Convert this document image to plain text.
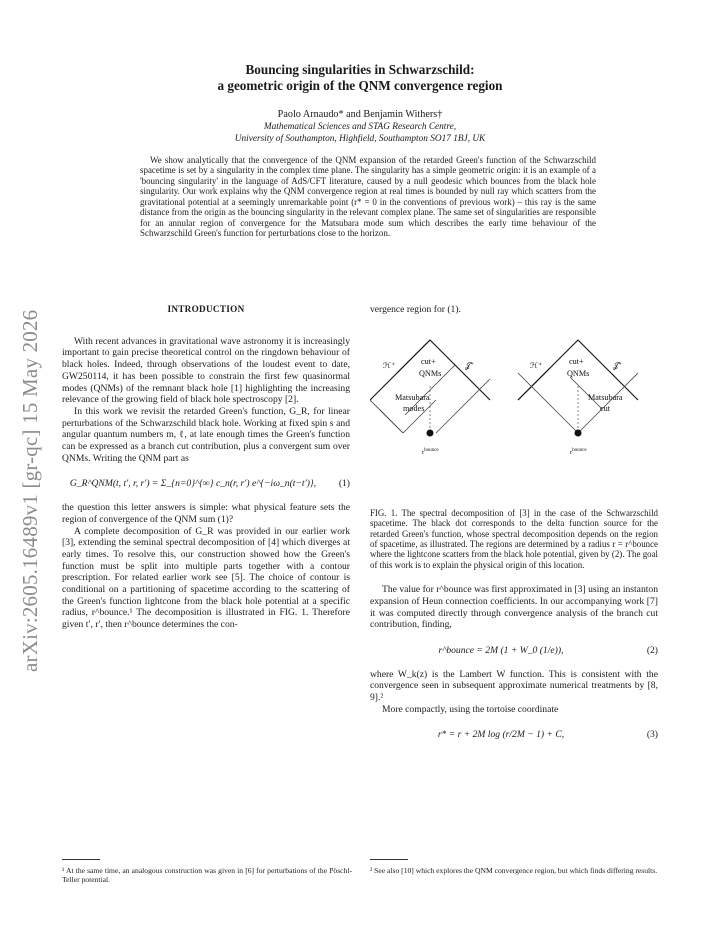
arXiv:2605.16489v1 [gr-qc] 15 May 2026
Bouncing singularities in Schwarzschild:
a geometric origin of the QNM convergence region
Paolo Arnaudo* and Benjamin Withers†
Mathematical Sciences and STAG Research Centre,
University of Southampton, Highfield, Southampton SO17 1BJ, UK

We show analytically that the convergence of the QNM expansion of the retarded Green's function of the Schwarzschild spacetime is set by a singularity in the complex time plane. The singularity has a simple geometric origin: it is an example of a 'bouncing singularity' in the language of AdS/CFT literature, caused by a null geodesic which bounces from the black hole singularity. Our work explains why the QNM convergence region at real times is bounded by null ray which scatters from the gravitational potential at a seemingly unremarkable point (r* = 0 in the conventions of previous work) – this ray is the same distance from the origin as the bouncing singularity in the relevant complex plane. The same set of singularities are responsible for an annular region of convergence for the Matsubara mode sum which describes the early time behaviour of the Schwarzschild Green's function for perturbations close to the horizon.

INTRODUCTION

With recent advances in gravitational wave astronomy it is increasingly important to gain precise theoretical control on the ringdown behaviour of black holes. Indeed, through observations of the loudest event to date, GW250114, it has been possible to constrain the first few quasinormal modes (QNMs) of the remnant black hole [1] highlighting the increasing relevance of the growing field of black hole spectroscopy [2].

In this work we revisit the retarded Green's function, G_R, for linear perturbations of the Schwarzschild black hole. Working at fixed spin s and angular quantum numbers m, ℓ, at late enough times the Green's function can be expressed as a branch cut contribution, plus a convergent sum over QNMs. Writing the QNM part as

G_R^QNM(t, t′, r, r′) = Σ_{n=0}^{∞} c_n(r, r′) e^{−iω_n(t−t′)},	(1)

the question this letter answers is simple: what physical feature sets the region of convergence of the QNM sum (1)?

A complete decomposition of G_R was provided in our earlier work [3], extending the seminal spectral decomposition of [4] which diverges at early times. To resolve this, our construction showed how the Green's function must be split into multiple parts together with a contour prescription. For related earlier work see [5]. The choice of contour is conditional on a partitioning of spacetime according to the scattering of the Green's function lightcone from the black hole potential at a specific radius, r^bounce.¹ The decomposition is illustrated in FIG. 1. Therefore given t′, r′, then r^bounce determines the con-

¹ At the same time, an analogous construction was given in [6] for perturbations of the Pöschl-Teller potential.

vergence region for (1).

ℋ⁺	𝒥⁺
cut+
QNMs
Matsubara
modes
$r^{bounce}$
ℋ⁺	𝒥⁺
cut+
QNMs
Matsubara
cut
$r^{bounce}$

FIG. 1. The spectral decomposition of [3] in the case of the Schwarzschild spacetime. The black dot corresponds to the delta function source for the retarded Green's function, whose spectral decomposition depends on the region of spacetime, as illustrated. The regions are determined by a radius r = r^bounce where the lightcone scatters from the black hole potential, given by (2). The goal of this work is to explain the physical origin of this location.

The value for r^bounce was first approximated in [3] using an instanton expansion of Heun connection coefficients. In our accompanying work [7] it was computed directly through convergence analysis of the branch cut contribution, finding,

r^bounce = 2M (1 + W_0 (1/e)),	(2)

where W_k(z) is the Lambert W function. This is consistent with the convergence seen in subsequent approximate numerical treatments by [8, 9].²

More compactly, using the tortoise coordinate

r* = r + 2M log (r/2M − 1) + C,	(3)
² See also [10] which explores the QNM convergence region, but which finds differing results.
